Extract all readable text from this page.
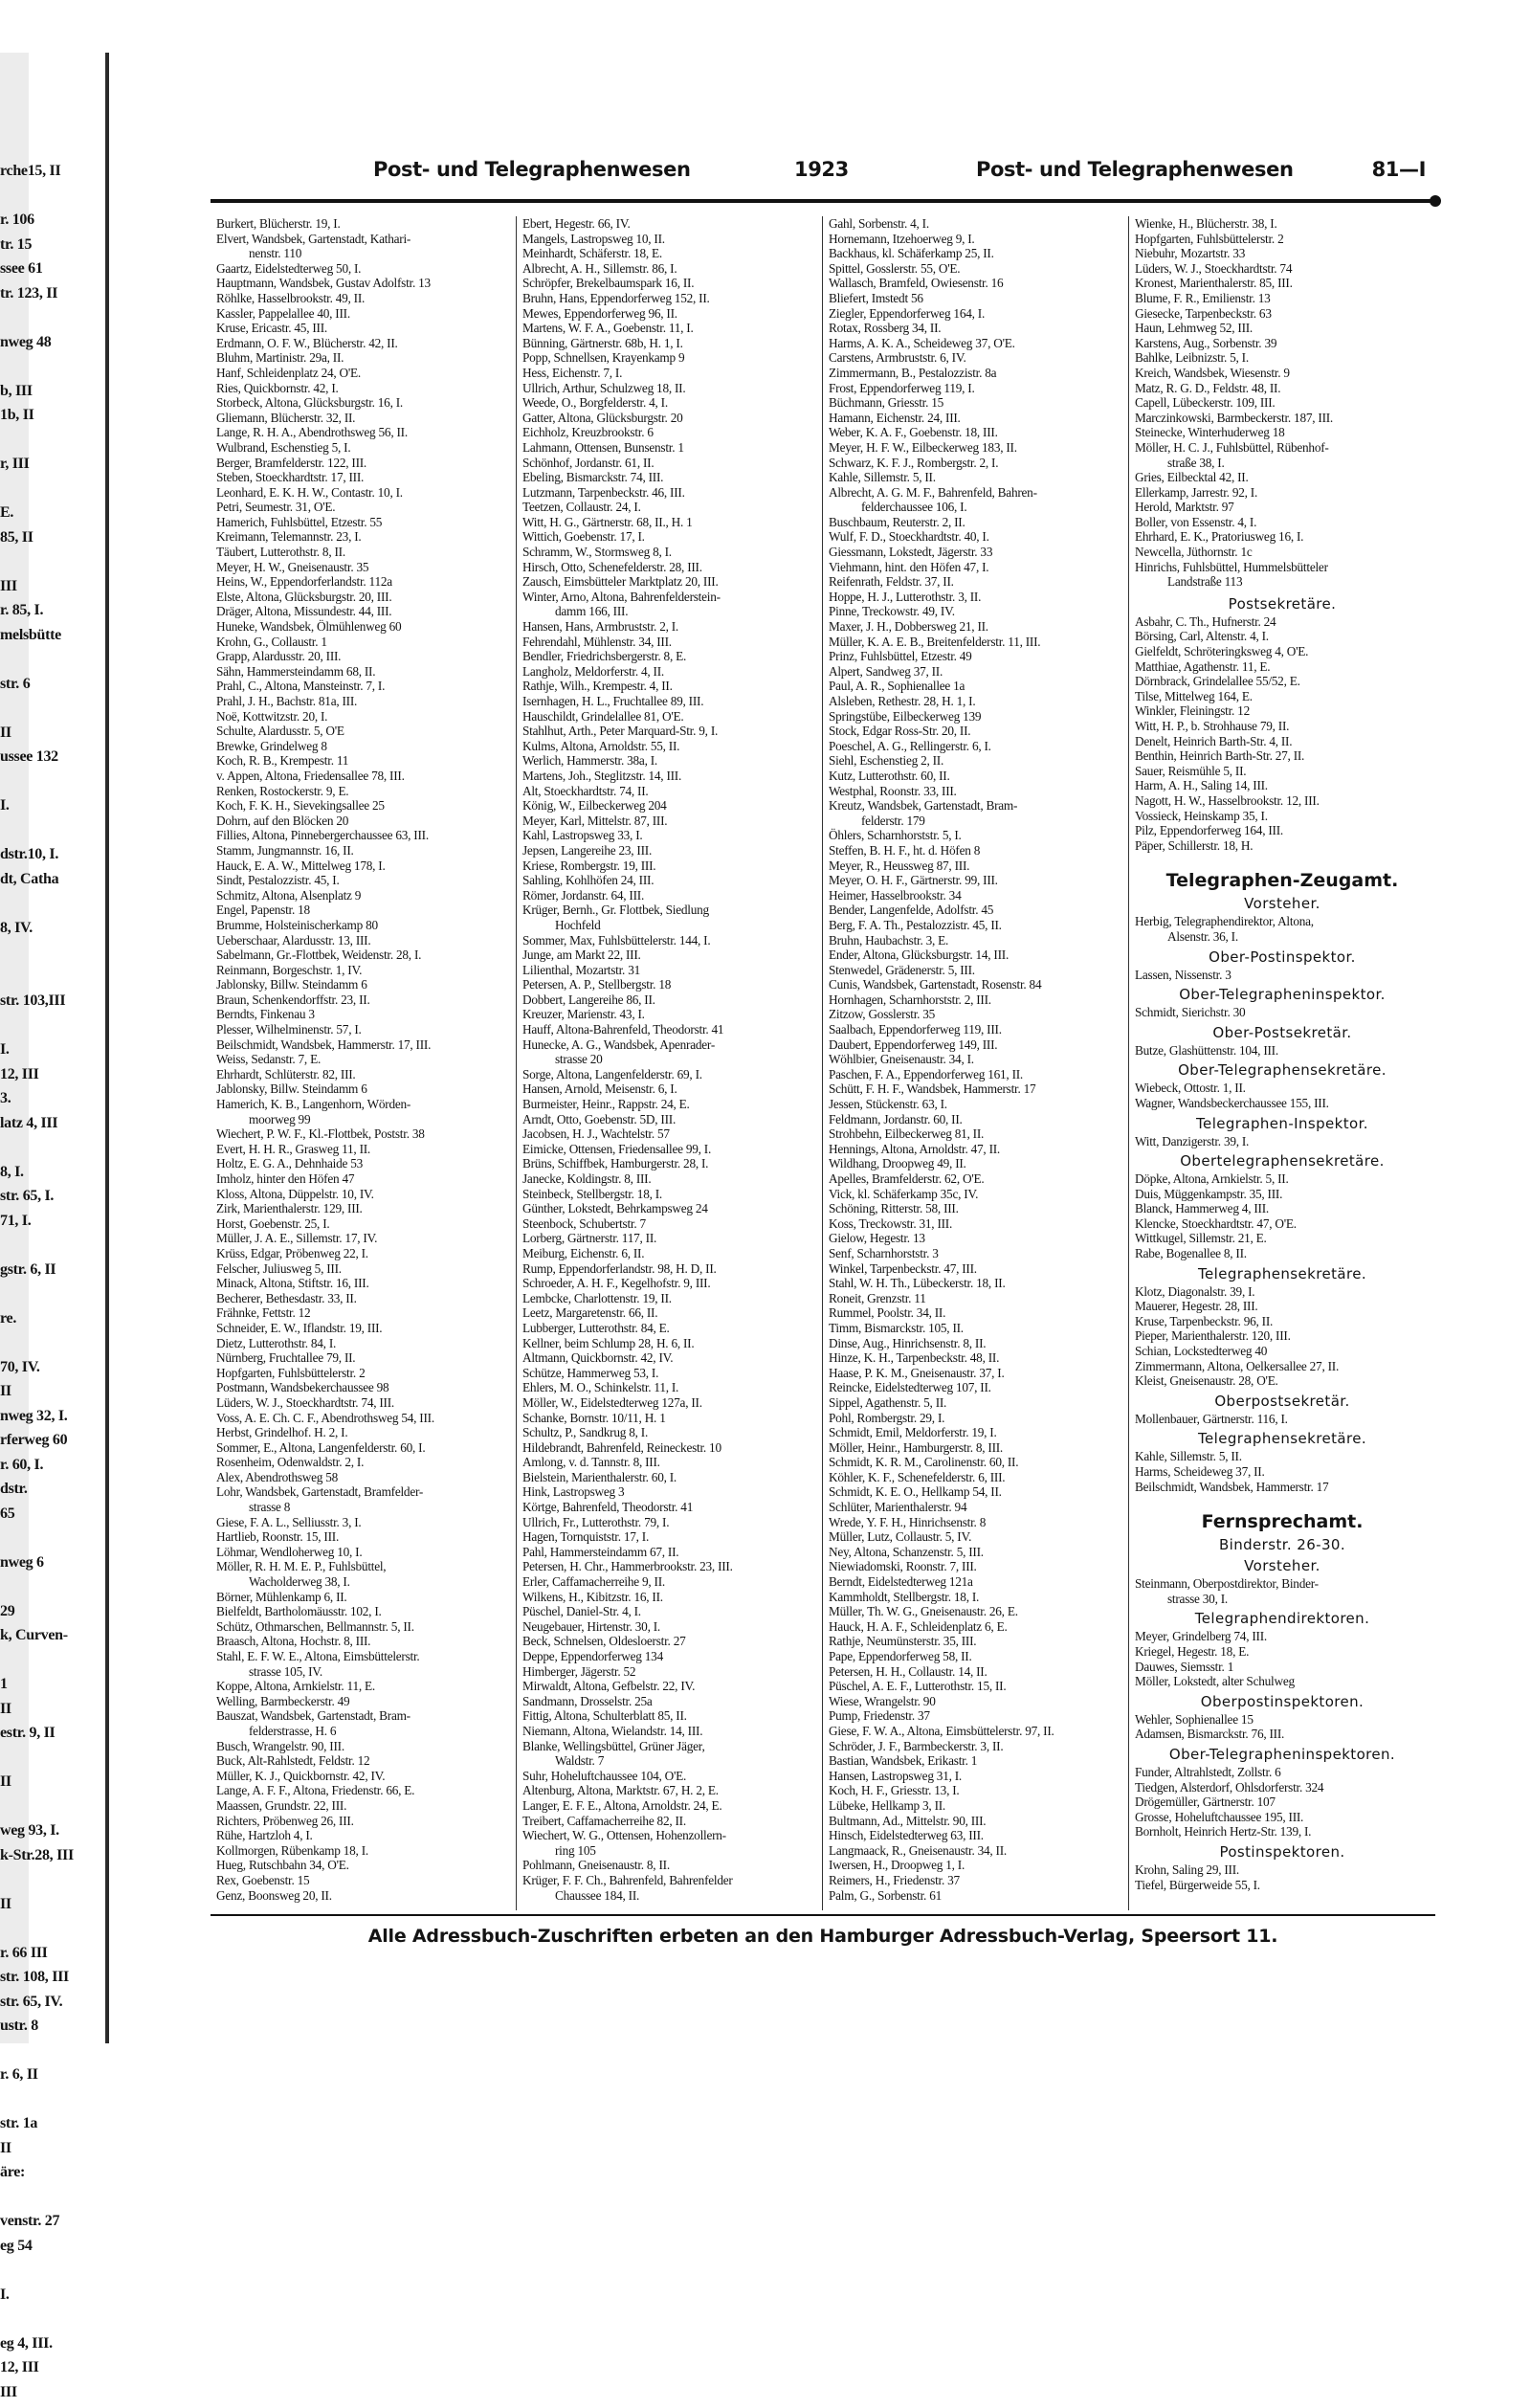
rche15, II
r. 106
tr. 15
ssee 61
tr. 123, II
nweg 48
b, III
1b, II
r, III
E.
85, II
III
r. 85, I.
melsbütte
str. 6
II
ussee 132
I.
dstr.10, I.
dt, Catha
8, IV.
str. 103,III
I.
12, III
3.
latz 4, III
8, I.
str. 65, I.
71, I.
gstr. 6, II
re.
70, IV.
II
nweg 32, I.
rferweg 60
r. 60, I.
dstr.
65
nweg 6
29
k, Curven-
1
II
estr. 9, II
II
weg 93, I.
k-Str.28, III
II
r. 66 III
str. 108, III
str. 65, IV.
ustr. 8
r. 6, II
str. 1a
II
äre:
venstr. 27
eg 54
I.
eg 4, III.
12, III
III
Post- und Telegraphenwesen	1923	Post- und Telegraphenwesen	81—I
Burkert, Blücherstr. 19, I.
Elvert, Wandsbek, Gartenstadt, Kathari-
nenstr. 110
Gaartz, Eidelstedterweg 50, I.
Hauptmann, Wandsbek, Gustav Adolfstr. 13
Röhlke, Hasselbrookstr. 49, II.
Kassler, Pappelallee 40, III.
Kruse, Ericastr. 45, III.
Erdmann, O. F. W., Blücherstr. 42, II.
Bluhm, Martinistr. 29a, II.
Hanf, Schleidenplatz 24, O'E.
Ries, Quickbornstr. 42, I.
Storbeck, Altona, Glücksburgstr. 16, I.
Gliemann, Blücherstr. 32, II.
Lange, R. H. A., Abendrothsweg 56, II.
Wulbrand, Eschenstieg 5, I.
Berger, Bramfelderstr. 122, III.
Steben, Stoeckhardtstr. 17, III.
Leonhard, E. K. H. W., Contastr. 10, I.
Petri, Seumestr. 31, O'E.
Hamerich, Fuhlsbüttel, Etzestr. 55
Kreimann, Telemannstr. 23, I.
Täubert, Lutterothstr. 8, II.
Meyer, H. W., Gneisenaustr. 35
Heins, W., Eppendorferlandstr. 112a
Elste, Altona, Glücksburgstr. 20, III.
Dräger, Altona, Missundestr. 44, III.
Huneke, Wandsbek, Ölmühlenweg 60
Krohn, G., Collaustr. 1
Grapp, Alardusstr. 20, III.
Sähn, Hammersteindamm 68, II.
Prahl, C., Altona, Mansteinstr. 7, I.
Prahl, J. H., Bachstr. 81a, III.
Noë, Kottwitzstr. 20, I.
Schulte, Alardusstr. 5, O'E
Brewke, Grindelweg 8
Koch, R. B., Krempestr. 11
v. Appen, Altona, Friedensallee 78, III.
Renken, Rostockerstr. 9, E.
Koch, F. K. H., Sievekingsallee 25
Dohrn, auf den Blöcken 20
Fillies, Altona, Pinnebergerchaussee 63, III.
Stamm, Jungmannstr. 16, II.
Hauck, E. A. W., Mittelweg 178, I.
Sindt, Pestalozzistr. 45, I.
Schmitz, Altona, Alsenplatz 9
Engel, Papenstr. 18
Brumme, Holsteinischerkamp 80
Ueberschaar, Alardusstr. 13, III.
Sabelmann, Gr.-Flottbek, Weidenstr. 28, I.
Reinmann, Borgeschstr. 1, IV.
Jablonsky, Billw. Steindamm 6
Braun, Schenkendorffstr. 23, II.
Berndts, Finkenau 3
Plesser, Wilhelminenstr. 57, I.
Beilschmidt, Wandsbek, Hammerstr. 17, III.
Weiss, Sedanstr. 7, E.
Ehrhardt, Schlüterstr. 82, III.
Jablonsky, Billw. Steindamm 6
Hamerich, K. B., Langenhorn, Wörden-
moorweg 99
Wiechert, P. W. F., Kl.-Flottbek, Poststr. 38
Evert, H. H. R., Grasweg 11, II.
Holtz, E. G. A., Dehnhaide 53
Imholz, hinter den Höfen 47
Kloss, Altona, Düppelstr. 10, IV.
Zirk, Marienthalerstr. 129, III.
Horst, Goebenstr. 25, I.
Müller, J. A. E., Sillemstr. 17, IV.
Krüss, Edgar, Pröbenweg 22, I.
Felscher, Juliusweg 5, III.
Minack, Altona, Stiftstr. 16, III.
Becherer, Bethesdastr. 33, II.
Frähnke, Fettstr. 12
Schneider, E. W., Iflandstr. 19, III.
Dietz, Lutterothstr. 84, I.
Nürnberg, Fruchtallee 79, II.
Hopfgarten, Fuhlsbüttelerstr. 2
Postmann, Wandsbekerchaussee 98
Lüders, W. J., Stoeckhardtstr. 74, III.
Voss, A. E. Ch. C. F., Abendrothsweg 54, III.
Herbst, Grindelhof. H. 2, I.
Sommer, E., Altona, Langenfelderstr. 60, I.
Rosenheim, Odenwaldstr. 2, I.
Alex, Abendrothsweg 58
Lohr, Wandsbek, Gartenstadt, Bramfelder-
strasse 8
Giese, F. A. L., Selliusstr. 3, I.
Hartlieb, Roonstr. 15, III.
Löhmar, Wendloherweg 10, I.
Möller, R. H. M. E. P., Fuhlsbüttel,
Wacholderweg 38, I.
Börner, Mühlenkamp 6, II.
Bielfeldt, Bartholomäusstr. 102, I.
Schütz, Othmarschen, Bellmannstr. 5, II.
Braasch, Altona, Hochstr. 8, III.
Stahl, E. F. W. E., Altona, Eimsbüttelerstr.
strasse 105, IV.
Koppe, Altona, Arnkielstr. 11, E.
Welling, Barmbeckerstr. 49
Bauszat, Wandsbek, Gartenstadt, Bram-
felderstrasse, H. 6
Busch, Wrangelstr. 90, III.
Buck, Alt-Rahlstedt, Feldstr. 12
Müller, K. J., Quickbornstr. 42, IV.
Lange, A. F. F., Altona, Friedenstr. 66, E.
Maassen, Grundstr. 22, III.
Richters, Pröbenweg 26, III.
Rühe, Hartzloh 4, I.
Kollmorgen, Rübenkamp 18, I.
Hueg, Rutschbahn 34, O'E.
Rex, Goebenstr. 15
Genz, Boonsweg 20, II.
Ebert, Hegestr. 66, IV.
Mangels, Lastropsweg 10, II.
Meinhardt, Schäferstr. 18, E.
Albrecht, A. H., Sillemstr. 86, I.
Schröpfer, Brekelbaumspark 16, II.
Bruhn, Hans, Eppendorferweg 152, II.
Mewes, Eppendorferweg 96, II.
Martens, W. F. A., Goebenstr. 11, I.
Bünning, Gärtnerstr. 68b, H. 1, I.
Popp, Schnellsen, Krayenkamp 9
Hess, Eichenstr. 7, I.
Ullrich, Arthur, Schulzweg 18, II.
Weede, O., Borgfelderstr. 4, I.
Gatter, Altona, Glücksburgstr. 20
Eichholz, Kreuzbrookstr. 6
Lahmann, Ottensen, Bunsenstr. 1
Schönhof, Jordanstr. 61, II.
Ebeling, Bismarckstr. 74, III.
Lutzmann, Tarpenbeckstr. 46, III.
Teetzen, Collaustr. 24, I.
Witt, H. G., Gärtnerstr. 68, II., H. 1
Wittich, Goebenstr. 17, I.
Schramm, W., Stormsweg 8, I.
Hirsch, Otto, Schenefelderstr. 28, III.
Zausch, Eimsbütteler Marktplatz 20, III.
Winter, Arno, Altona, Bahrenfelderstein-
damm 166, III.
Hansen, Hans, Armbruststr. 2, I.
Fehrendahl, Mühlenstr. 34, III.
Bendler, Friedrichsbergerstr. 8, E.
Langholz, Meldorferstr. 4, II.
Rathje, Wilh., Krempestr. 4, II.
Isernhagen, H. L., Fruchtallee 89, III.
Hauschildt, Grindelallee 81, O'E.
Stahlhut, Arth., Peter Marquard-Str. 9, I.
Kulms, Altona, Arnoldstr. 55, II.
Werlich, Hammerstr. 38a, I.
Martens, Joh., Steglitzstr. 14, III.
Alt, Stoeckhardtstr. 74, II.
König, W., Eilbeckerweg 204
Meyer, Karl, Mittelstr. 87, III.
Kahl, Lastropsweg 33, I.
Jepsen, Langereihe 23, III.
Kriese, Rombergstr. 19, III.
Sahling, Kohlhöfen 24, III.
Römer, Jordanstr. 64, III.
Krüger, Bernh., Gr. Flottbek, Siedlung
Hochfeld
Sommer, Max, Fuhlsbüttelerstr. 144, I.
Junge, am Markt 22, III.
Lilienthal, Mozartstr. 31
Petersen, A. P., Stellbergstr. 18
Dobbert, Langereihe 86, II.
Kreuzer, Marienstr. 43, I.
Hauff, Altona-Bahrenfeld, Theodorstr. 41
Hunecke, A. G., Wandsbek, Apenrader-
strasse 20
Sorge, Altona, Langenfelderstr. 69, I.
Hansen, Arnold, Meisenstr. 6, I.
Burmeister, Heinr., Rappstr. 24, E.
Arndt, Otto, Goebenstr. 5D, III.
Jacobsen, H. J., Wachtelstr. 57
Eimicke, Ottensen, Friedensallee 99, I.
Brüns, Schiffbek, Hamburgerstr. 28, I.
Janecke, Koldingstr. 8, III.
Steinbeck, Stellbergstr. 18, I.
Günther, Lokstedt, Behrkampsweg 24
Steenbock, Schubertstr. 7
Lorberg, Gärtnerstr. 117, II.
Meiburg, Eichenstr. 6, II.
Rump, Eppendorferlandstr. 98, H. D, II.
Schroeder, A. H. F., Kegelhofstr. 9, III.
Lembcke, Charlottenstr. 19, II.
Leetz, Margaretenstr. 66, II.
Lubberger, Lutterothstr. 84, E.
Kellner, beim Schlump 28, H. 6, II.
Altmann, Quickbornstr. 42, IV.
Schütze, Hammerweg 53, I.
Ehlers, M. O., Schinkelstr. 11, I.
Möller, W., Eidelstedterweg 127a, II.
Schanke, Bornstr. 10/11, H. 1
Schultz, P., Sandkrug 8, I.
Hildebrandt, Bahrenfeld, Reineckestr. 10
Amlong, v. d. Tannstr. 8, III.
Bielstein, Marienthalerstr. 60, I.
Hink, Lastropsweg 3
Körtge, Bahrenfeld, Theodorstr. 41
Ullrich, Fr., Lutterothstr. 79, I.
Hagen, Tornquiststr. 17, I.
Pahl, Hammersteindamm 67, II.
Petersen, H. Chr., Hammerbrookstr. 23, III.
Erler, Caffamacherreihe 9, II.
Wilkens, H., Kibitzstr. 16, II.
Püschel, Daniel-Str. 4, I.
Neugebauer, Hirtenstr. 30, I.
Beck, Schnelsen, Oldesloerstr. 27
Deppe, Eppendorferweg 134
Himberger, Jägerstr. 52
Mirwaldt, Altona, Gefbelstr. 22, IV.
Sandmann, Drosselstr. 25a
Fittig, Altona, Schulterblatt 85, II.
Niemann, Altona, Wielandstr. 14, III.
Blanke, Wellingsbüttel, Grüner Jäger,
Waldstr. 7
Suhr, Hoheluftchaussee 104, O'E.
Altenburg, Altona, Marktstr. 67, H. 2, E.
Langer, E. F. E., Altona, Arnoldstr. 24, E.
Treibert, Caffamacherreihe 82, II.
Wiechert, W. G., Ottensen, Hohenzollern-
ring 105
Pohlmann, Gneisenaustr. 8, II.
Krüger, F. F. Ch., Bahrenfeld, Bahrenfelder
Chaussee 184, II.
Gahl, Sorbenstr. 4, I.
Hornemann, Itzehoerweg 9, I.
Backhaus, kl. Schäferkamp 25, II.
Spittel, Gosslerstr. 55, O'E.
Wallasch, Bramfeld, Owiesenstr. 16
Bliefert, Imstedt 56
Ziegler, Eppendorferweg 164, I.
Rotax, Rossberg 34, II.
Harms, A. K. A., Scheideweg 37, O'E.
Carstens, Armbruststr. 6, IV.
Zimmermann, B., Pestalozzistr. 8a
Frost, Eppendorferweg 119, I.
Büchmann, Griesstr. 15
Hamann, Eichenstr. 24, III.
Weber, K. A. F., Goebenstr. 18, III.
Meyer, H. F. W., Eilbeckerweg 183, II.
Schwarz, K. F. J., Rombergstr. 2, I.
Kahle, Sillemstr. 5, II.
Albrecht, A. G. M. F., Bahrenfeld, Bahren-
felderchaussee 106, I.
Buschbaum, Reuterstr. 2, II.
Wulf, F. D., Stoeckhardtstr. 40, I.
Giessmann, Lokstedt, Jägerstr. 33
Viehmann, hint. den Höfen 47, I.
Reifenrath, Feldstr. 37, II.
Hoppe, H. J., Lutterothstr. 3, II.
Pinne, Treckowstr. 49, IV.
Maxer, J. H., Dobbersweg 21, II.
Müller, K. A. E. B., Breitenfelderstr. 11, III.
Prinz, Fuhlsbüttel, Etzestr. 49
Alpert, Sandweg 37, II.
Paul, A. R., Sophienallee 1a
Alsleben, Rethestr. 28, H. 1, I.
Springstübe, Eilbeckerweg 139
Stock, Edgar Ross-Str. 20, II.
Poeschel, A. G., Rellingerstr. 6, I.
Siehl, Eschenstieg 2, II.
Kutz, Lutterothstr. 60, II.
Westphal, Roonstr. 33, III.
Kreutz, Wandsbek, Gartenstadt, Bram-
felderstr. 179
Öhlers, Scharnhorststr. 5, I.
Steffen, B. H. F., ht. d. Höfen 8
Meyer, R., Heussweg 87, III.
Meyer, O. H. F., Gärtnerstr. 99, III.
Heimer, Hasselbrookstr. 34
Bender, Langenfelde, Adolfstr. 45
Berg, F. A. Th., Pestalozzistr. 45, II.
Bruhn, Haubachstr. 3, E.
Ender, Altona, Glücksburgstr. 14, III.
Stenwedel, Grädenerstr. 5, III.
Cunis, Wandsbek, Gartenstadt, Rosenstr. 84
Hornhagen, Scharnhorststr. 2, III.
Zitzow, Gosslerstr. 35
Saalbach, Eppendorferweg 119, III.
Daubert, Eppendorferweg 149, III.
Wöhlbier, Gneisenaustr. 34, I.
Paschen, F. A., Eppendorferweg 161, II.
Schütt, F. H. F., Wandsbek, Hammerstr. 17
Jessen, Stückenstr. 63, I.
Feldmann, Jordanstr. 60, II.
Strohbehn, Eilbeckerweg 81, II.
Hennings, Altona, Arnoldstr. 47, II.
Wildhang, Droopweg 49, II.
Apelles, Bramfelderstr. 62, O'E.
Vick, kl. Schäferkamp 35c, IV.
Schöning, Ritterstr. 58, III.
Koss, Treckowstr. 31, III.
Gielow, Hegestr. 13
Senf, Scharnhorststr. 3
Winkel, Tarpenbeckstr. 47, III.
Stahl, W. H. Th., Lübeckerstr. 18, II.
Roneit, Grenzstr. 11
Rummel, Poolstr. 34, II.
Timm, Bismarckstr. 105, II.
Dinse, Aug., Hinrichsenstr. 8, II.
Hinze, K. H., Tarpenbeckstr. 48, II.
Haase, P. K. M., Gneisenaustr. 37, I.
Reincke, Eidelstedterweg 107, II.
Sippel, Agathenstr. 5, II.
Pohl, Rombergstr. 29, I.
Schmidt, Emil, Meldorferstr. 19, I.
Möller, Heinr., Hamburgerstr. 8, III.
Schmidt, K. R. M., Carolinenstr. 60, II.
Köhler, K. F., Schenefelderstr. 6, III.
Schmidt, K. E. O., Hellkamp 54, II.
Schlüter, Marienthalerstr. 94
Wrede, Y. F. H., Hinrichsenstr. 8
Müller, Lutz, Collaustr. 5, IV.
Ney, Altona, Schanzenstr. 5, III.
Niewiadomski, Roonstr. 7, III.
Berndt, Eidelstedterweg 121a
Kammholdt, Stellbergstr. 18, I.
Müller, Th. W. G., Gneisenaustr. 26, E.
Hauck, H. A. F., Schleidenplatz 6, E.
Rathje, Neumünsterstr. 35, III.
Pape, Eppendorferweg 58, II.
Petersen, H. H., Collaustr. 14, II.
Püschel, A. E. F., Lutterothstr. 15, II.
Wiese, Wrangelstr. 90
Pump, Friedenstr. 37
Giese, F. W. A., Altona, Eimsbüttelerstr. 97, II.
Schröder, J. F., Barmbeckerstr. 3, II.
Bastian, Wandsbek, Erikastr. 1
Hansen, Lastropsweg 31, I.
Koch, H. F., Griesstr. 13, I.
Lübeke, Hellkamp 3, II.
Bultmann, Ad., Mittelstr. 90, III.
Hinsch, Eidelstedterweg 63, III.
Langmaack, R., Gneisenaustr. 34, II.
Iwersen, H., Droopweg 1, I.
Reimers, H., Friedenstr. 37
Palm, G., Sorbenstr. 61
Wienke, H., Blücherstr. 38, I.
Hopfgarten, Fuhlsbüttelerstr. 2
Niebuhr, Mozartstr. 33
Lüders, W. J., Stoeckhardtstr. 74
Kronest, Marienthalerstr. 85, III.
Blume, F. R., Emilienstr. 13
Giesecke, Tarpenbeckstr. 63
Haun, Lehmweg 52, III.
Karstens, Aug., Sorbenstr. 39
Bahlke, Leibnizstr. 5, I.
Kreich, Wandsbek, Wiesenstr. 9
Matz, R. G. D., Feldstr. 48, II.
Capell, Lübeckerstr. 109, III.
Marczinkowski, Barmbeckerstr. 187, III.
Steinecke, Winterhuderweg 18
Möller, H. C. J., Fuhlsbüttel, Rübenhof-
straße 38, I.
Gries, Eilbecktal 42, II.
Ellerkamp, Jarrestr. 92, I.
Herold, Marktstr. 97
Boller, von Essenstr. 4, I.
Ehrhard, E. K., Pratoriusweg 16, I.
Newcella, Jüthornstr. 1c
Hinrichs, Fuhlsbüttel, Hummelsbütteler
Landstraße 113
Postsekretäre.
Asbahr, C. Th., Hufnerstr. 24
Börsing, Carl, Altenstr. 4, I.
Gielfeldt, Schröteringksweg 4, O'E.
Matthiae, Agathenstr. 11, E.
Dörnbrack, Grindelallee 55/52, E.
Tilse, Mittelweg 164, E.
Winkler, Fleiningstr. 12
Witt, H. P., b. Strohhause 79, II.
Denelt, Heinrich Barth-Str. 4, II.
Benthin, Heinrich Barth-Str. 27, II.
Sauer, Reismühle 5, II.
Harm, A. H., Saling 14, III.
Nagott, H. W., Hasselbrookstr. 12, III.
Vossieck, Heinskamp 35, I.
Pilz, Eppendorferweg 164, III.
Päper, Schillerstr. 18, H.
Telegraphen-Zeugamt.
Vorsteher.
Herbig, Telegraphendirektor, Altona,
Alsenstr. 36, I.
Ober-Postinspektor.
Lassen, Nissenstr. 3
Ober-Telegrapheninspektor.
Schmidt, Sierichstr. 30
Ober-Postsekretär.
Butze, Glashüttenstr. 104, III.
Ober-Telegraphensekretäre.
Wiebeck, Ottostr. 1, II.
Wagner, Wandsbeckerchaussee 155, III.
Telegraphen-Inspektor.
Witt, Danzigerstr. 39, I.
Obertelegraphensekretäre.
Döpke, Altona, Arnkielstr. 5, II.
Duis, Müggenkampstr. 35, III.
Blanck, Hammerweg 4, III.
Klencke, Stoeckhardtstr. 47, O'E.
Wittkugel, Sillemstr. 21, E.
Rabe, Bogenallee 8, II.
Telegraphensekretäre.
Klotz, Diagonalstr. 39, I.
Mauerer, Hegestr. 28, III.
Kruse, Tarpenbeckstr. 96, II.
Pieper, Marienthalerstr. 120, III.
Schian, Lockstedterweg 40
Zimmermann, Altona, Oelkersallee 27, II.
Kleist, Gneisenaustr. 28, O'E.
Oberpostsekretär.
Mollenbauer, Gärtnerstr. 116, I.
Telegraphensekretäre.
Kahle, Sillemstr. 5, II.
Harms, Scheideweg 37, II.
Beilschmidt, Wandsbek, Hammerstr. 17
Fernsprechamt.
Binderstr. 26-30.
Vorsteher.
Steinmann, Oberpostdirektor, Binder-
strasse 30, I.
Telegraphendirektoren.
Meyer, Grindelberg 74, III.
Kriegel, Hegestr. 18, E.
Dauwes, Siemsstr. 1
Möller, Lokstedt, alter Schulweg
Oberpostinspektoren.
Wehler, Sophienallee 15
Adamsen, Bismarckstr. 76, III.
Ober-Telegrapheninspektoren.
Funder, Altrahlstedt, Zollstr. 6
Tiedgen, Alsterdorf, Ohlsdorferstr. 324
Drögemüller, Gärtnerstr. 107
Grosse, Hoheluftchaussee 195, III.
Bornholt, Heinrich Hertz-Str. 139, I.
Postinspektoren.
Krohn, Saling 29, III.
Tiefel, Bürgerweide 55, I.
Alle Adressbuch-Zuschriften erbeten an den Hamburger Adressbuch-Verlag, Speersort 11.
